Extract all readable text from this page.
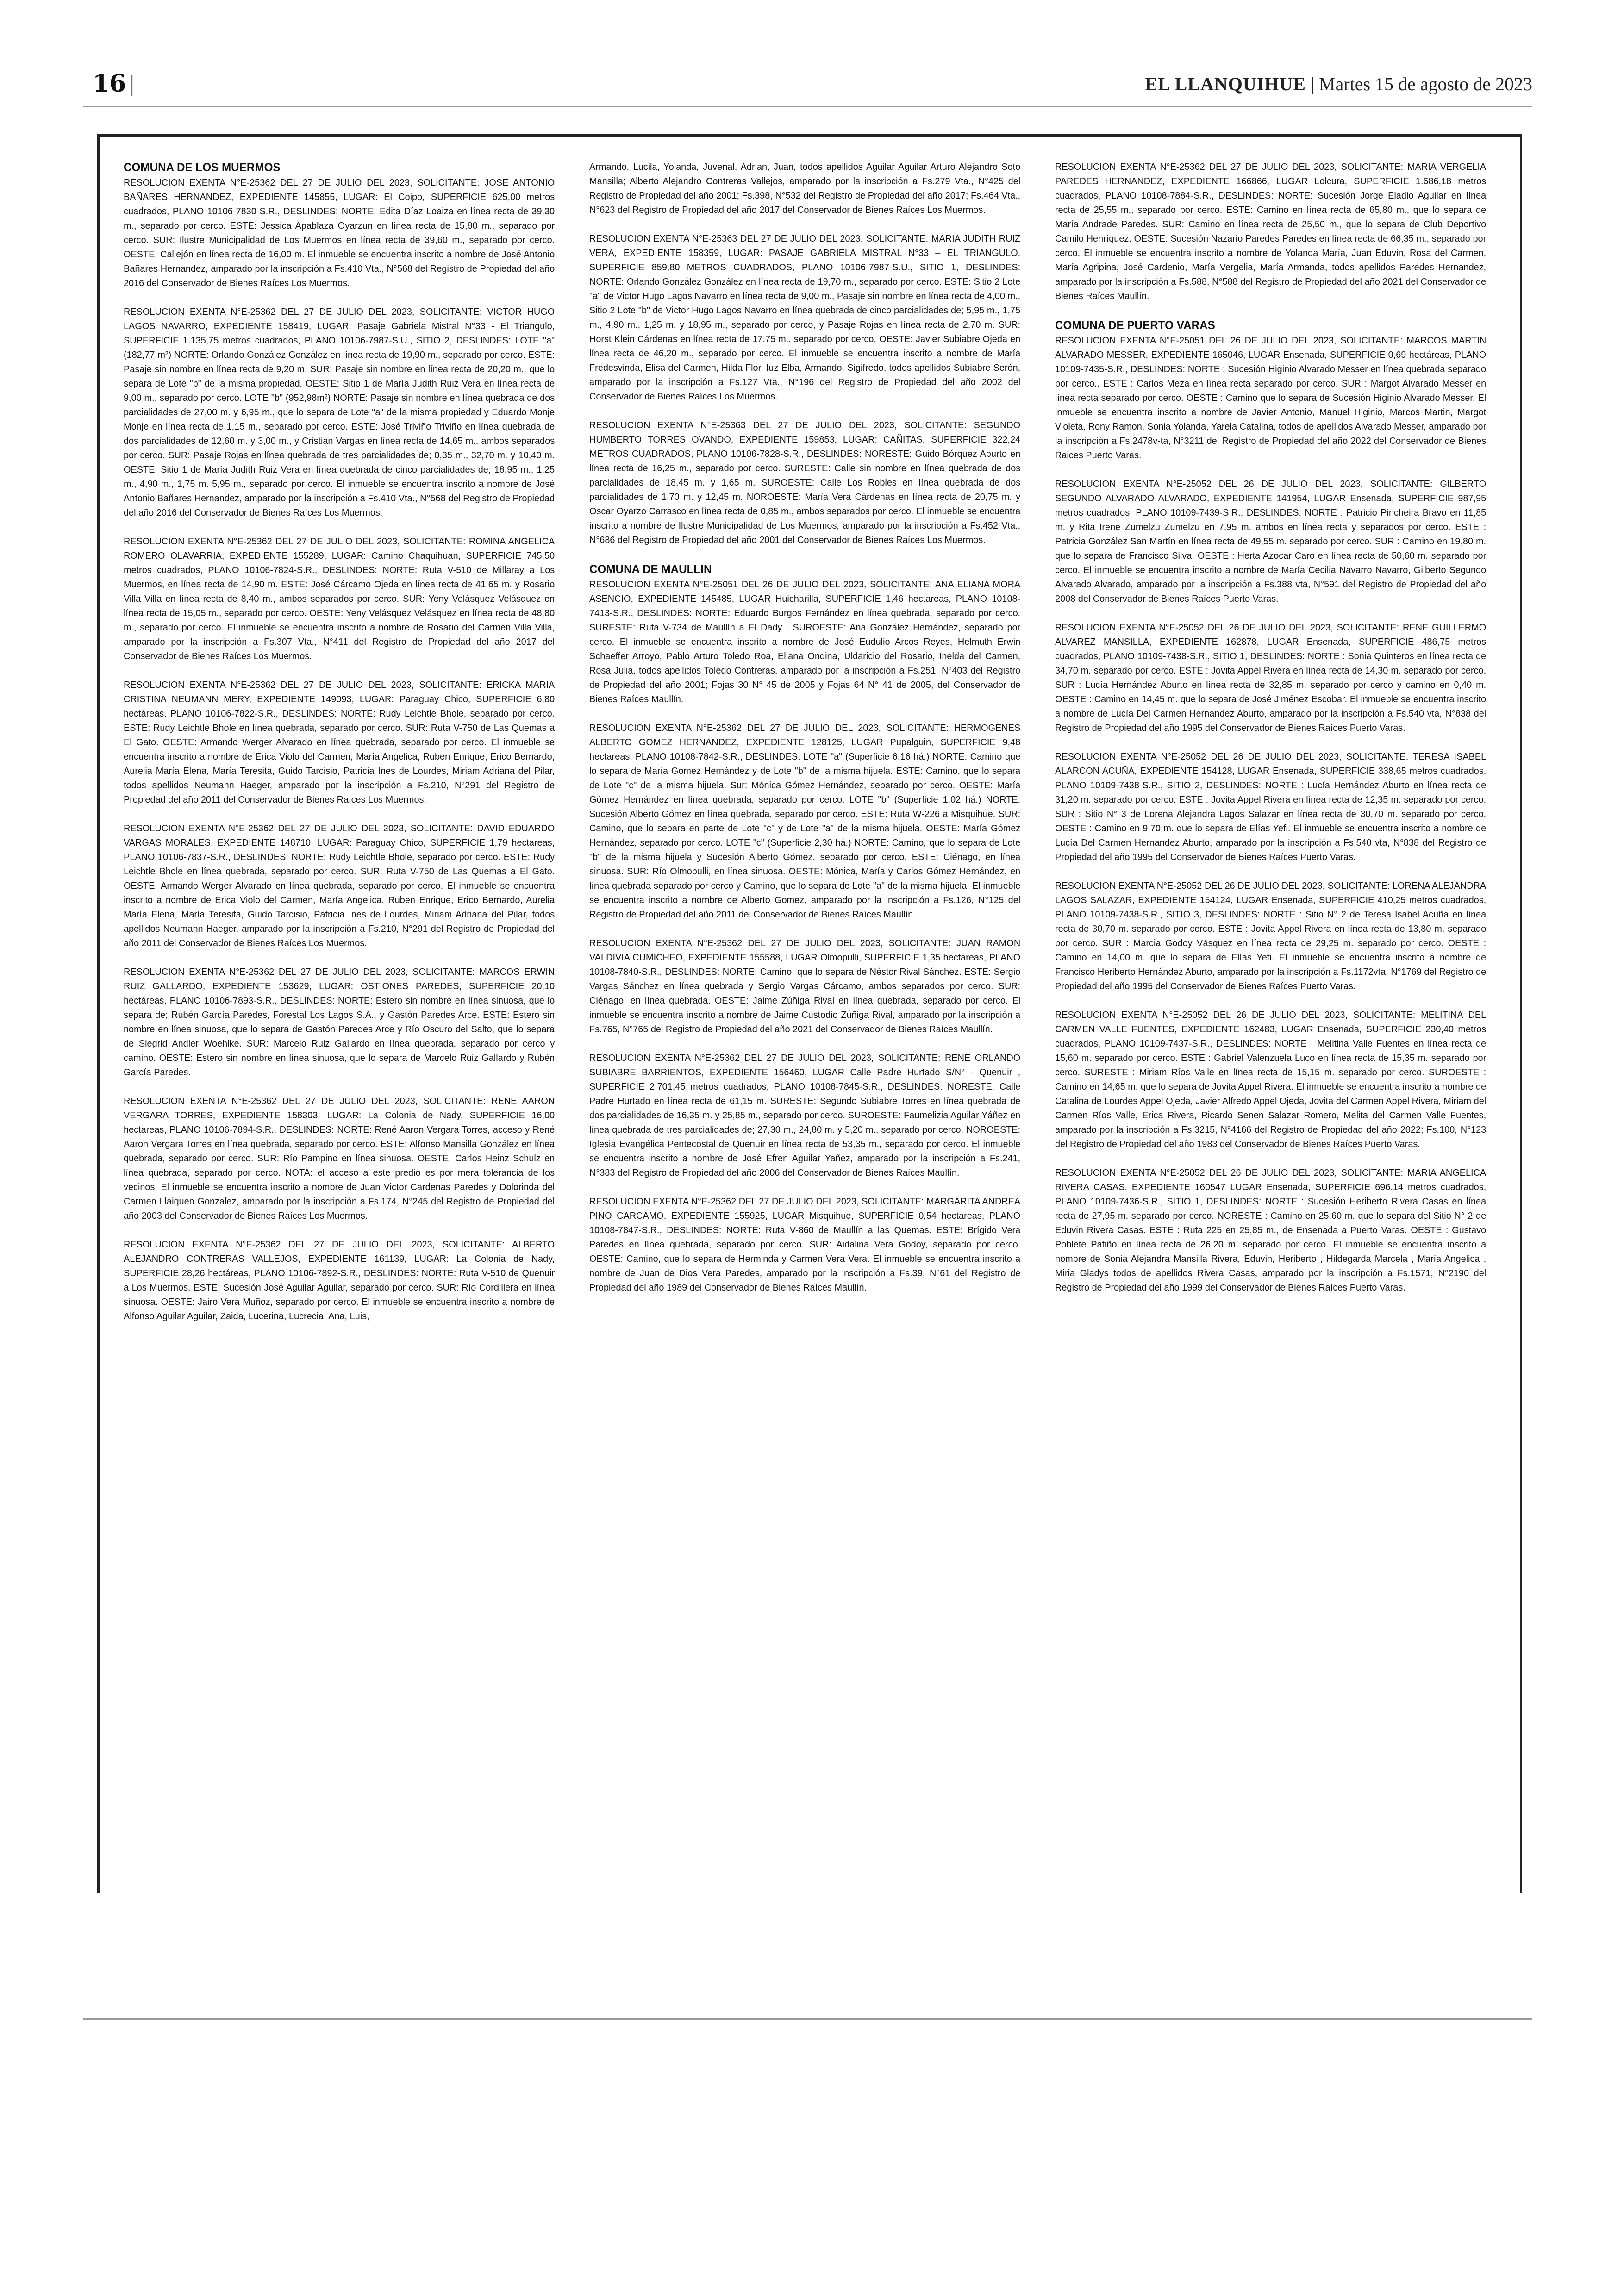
16 |	EL LLANQUIHUE | Martes 15 de agosto de 2023
COMUNA DE LOS MUERMOS

RESOLUCION EXENTA N°E-25362 DEL 27 DE JULIO DEL 2023, SOLICITANTE: JOSE ANTONIO BAÑARES HERNANDEZ, EXPEDIENTE 145855, LUGAR: El Coipo, SUPERFICIE 625,00 metros cuadrados, PLANO 10106-7830-S.R., DESLINDES: NORTE: Edita Díaz Loaiza en línea recta de 39,30 m., separado por cerco. ESTE: Jessica Apablaza Oyarzun en línea recta de 15,80 m., separado por cerco. SUR: Ilustre Municipalidad de Los Muermos en línea recta de 39,60 m., separado por cerco. OESTE: Callejón en línea recta de 16,00 m. El inmueble se encuentra inscrito a nombre de José Antonio Bañares Hernandez, amparado por la inscripción a Fs.410 Vta., N°568 del Registro de Propiedad del año 2016 del Conservador de Bienes Raíces Los Muermos.

RESOLUCION EXENTA N°E-25362 DEL 27 DE JULIO DEL 2023, SOLICITANTE: VICTOR HUGO LAGOS NAVARRO, EXPEDIENTE 158419, LUGAR: Pasaje Gabriela Mistral N°33 - El Triangulo, SUPERFICIE 1.135,75 metros cuadrados, PLANO 10106-7987-S.U., SITIO 2, DESLINDES: LOTE "a" (182,77 m²) NORTE: Orlando González González en línea recta de 19,90 m., separado por cerco. ESTE: Pasaje sin nombre en línea recta de 9,20 m. SUR: Pasaje sin nombre en línea recta de 20,20 m., que lo separa de Lote "b" de la misma propiedad. OESTE: Sitio 1 de María Judith Ruiz Vera en línea recta de 9,00 m., separado por cerco. LOTE "b" (952,98m²) NORTE: Pasaje sin nombre en línea quebrada de dos parcialidades de 27,00 m. y 6,95 m., que lo separa de Lote "a" de la misma propiedad y Eduardo Monje Monje en línea recta de 1,15 m., separado por cerco. ESTE: José Triviño Triviño en línea quebrada de dos parcialidades de 12,60 m. y 3,00 m., y Cristian Vargas en línea recta de 14,65 m., ambos separados por cerco. SUR: Pasaje Rojas en línea quebrada de tres parcialidades de; 0,35 m., 32,70 m. y 10,40 m. OESTE: Sitio 1 de María Judith Ruiz Vera en línea quebrada de cinco parcialidades de; 18,95 m., 1,25 m., 4,90 m., 1,75 m. 5,95 m., separado por cerco. El inmueble se encuentra inscrito a nombre de José Antonio Bañares Hernandez, amparado por la inscripción a Fs.410 Vta., N°568 del Registro de Propiedad del año 2016 del Conservador de Bienes Raíces Los Muermos.

RESOLUCION EXENTA N°E-25362 DEL 27 DE JULIO DEL 2023, SOLICITANTE: ROMINA ANGELICA ROMERO OLAVARRIA, EXPEDIENTE 155289, LUGAR: Camino Chaquihuan, SUPERFICIE 745,50 metros cuadrados, PLANO 10106-7824-S.R., DESLINDES: NORTE: Ruta V-510 de Millaray a Los Muermos, en línea recta de 14,90 m. ESTE: José Cárcamo Ojeda en línea recta de 41,65 m. y Rosario Villa Villa en línea recta de 8,40 m., ambos separados por cerco. SUR: Yeny Velásquez Velásquez en línea recta de 15,05 m., separado por cerco. OESTE: Yeny Velásquez Velásquez en línea recta de 48,80 m., separado por cerco. El inmueble se encuentra inscrito a nombre de Rosario del Carmen Villa Villa, amparado por la inscripción a Fs.307 Vta., N°411 del Registro de Propiedad del año 2017 del Conservador de Bienes Raíces Los Muermos.

RESOLUCION EXENTA N°E-25362 DEL 27 DE JULIO DEL 2023, SOLICITANTE: ERICKA MARIA CRISTINA NEUMANN MERY, EXPEDIENTE 149093, LUGAR: Paraguay Chico, SUPERFICIE 6,80 hectáreas, PLANO 10106-7822-S.R., DESLINDES: NORTE: Rudy Leichtle Bhole, separado por cerco. ESTE: Rudy Leichtle Bhole en línea quebrada, separado por cerco. SUR: Ruta V-750 de Las Quemas a El Gato. OESTE: Armando Werger Alvarado en línea quebrada, separado por cerco. El inmueble se encuentra inscrito a nombre de Erica Violo del Carmen, María Angelica, Ruben Enrique, Erico Bernardo, Aurelia María Elena, María Teresita, Guido Tarcisio, Patricia Ines de Lourdes, Miriam Adriana del Pilar, todos apellidos Neumann Haeger, amparado por la inscripción a Fs.210, N°291 del Registro de Propiedad del año 2011 del Conservador de Bienes Raíces Los Muermos.

RESOLUCION EXENTA N°E-25362 DEL 27 DE JULIO DEL 2023, SOLICITANTE: DAVID EDUARDO VARGAS MORALES, EXPEDIENTE 148710, LUGAR: Paraguay Chico, SUPERFICIE 1,79 hectareas, PLANO 10106-7837-S.R., DESLINDES: NORTE: Rudy Leichtle Bhole, separado por cerco. ESTE: Rudy Leichtle Bhole en línea quebrada, separado por cerco. SUR: Ruta V-750 de Las Quemas a El Gato. OESTE: Armando Werger Alvarado en línea quebrada, separado por cerco. El inmueble se encuentra inscrito a nombre de Erica Violo del Carmen, María Angelica, Ruben Enrique, Erico Bernardo, Aurelia María Elena, María Teresita, Guido Tarcisio, Patricia Ines de Lourdes, Miriam Adriana del Pilar, todos apellidos Neumann Haeger, amparado por la inscripción a Fs.210, N°291 del Registro de Propiedad del año 2011 del Conservador de Bienes Raíces Los Muermos.

RESOLUCION EXENTA N°E-25362 DEL 27 DE JULIO DEL 2023, SOLICITANTE: MARCOS ERWIN RUIZ GALLARDO, EXPEDIENTE 153629, LUGAR: OSTIONES PAREDES, SUPERFICIE 20,10 hectáreas, PLANO 10106-7893-S.R., DESLINDES: NORTE: Estero sin nombre en línea sinuosa, que lo separa de; Rubén García Paredes, Forestal Los Lagos S.A., y Gastón Paredes Arce. ESTE: Estero sin nombre en línea sinuosa, que lo separa de Gastón Paredes Arce y Río Oscuro del Salto, que lo separa de Siegrid Andler Woehlke. SUR: Marcelo Ruiz Gallardo en línea quebrada, separado por cerco y camino. OESTE: Estero sin nombre en línea sinuosa, que lo separa de Marcelo Ruiz Gallardo y Rubén García Paredes.

RESOLUCION EXENTA N°E-25362 DEL 27 DE JULIO DEL 2023, SOLICITANTE: RENE AARON VERGARA TORRES, EXPEDIENTE 158303, LUGAR: La Colonia de Nady, SUPERFICIE 16,00 hectareas, PLANO 10106-7894-S.R., DESLINDES: NORTE: René Aaron Vergara Torres, acceso y René Aaron Vergara Torres en línea quebrada, separado por cerco. ESTE: Alfonso Mansilla González en línea quebrada, separado por cerco. SUR: Río Pampino en línea sinuosa. OESTE: Carlos Heinz Schulz en línea quebrada, separado por cerco. NOTA: el acceso a este predio es por mera tolerancia de los vecinos. El inmueble se encuentra inscrito a nombre de Juan Victor Cardenas Paredes y Dolorinda del Carmen Llaiquen Gonzalez, amparado por la inscripción a Fs.174, N°245 del Registro de Propiedad del año 2003 del Conservador de Bienes Raíces Los Muermos.

RESOLUCION EXENTA N°E-25362 DEL 27 DE JULIO DEL 2023, SOLICITANTE: ALBERTO ALEJANDRO CONTRERAS VALLEJOS, EXPEDIENTE 161139, LUGAR: La Colonia de Nady, SUPERFICIE 28,26 hectáreas, PLANO 10106-7892-S.R., DESLINDES: NORTE: Ruta V-510 de Quenuir a Los Muermos. ESTE: Sucesión José Aguilar Aguilar, separado por cerco. SUR: Río Cordillera en línea sinuosa. OESTE: Jairo Vera Muñoz, separado por cerco. El inmueble se encuentra inscrito a nombre de Alfonso Aguilar Aguilar, Zaida, Lucerina, Lucrecia, Ana, Luis,

Armando, Lucila, Yolanda, Juvenal, Adrian, Juan, todos apellidos Aguilar Aguilar Arturo Alejandro Soto Mansilla; Alberto Alejandro Contreras Vallejos, amparado por la inscripción a Fs.279 Vta., N°425 del Registro de Propiedad del año 2001; Fs.398, N°532 del Registro de Propiedad del año 2017; Fs.464 Vta., N°623 del Registro de Propiedad del año 2017 del Conservador de Bienes Raíces Los Muermos.

RESOLUCION EXENTA N°E-25363 DEL 27 DE JULIO DEL 2023, SOLICITANTE: MARIA JUDITH RUIZ VERA, EXPEDIENTE 158359, LUGAR: PASAJE GABRIELA MISTRAL N°33 – EL TRIANGULO, SUPERFICIE 859,80 METROS CUADRADOS, PLANO 10106-7987-S.U., SITIO 1, DESLINDES: NORTE: Orlando González González en línea recta de 19,70 m., separado por cerco. ESTE: Sitio 2 Lote "a" de Victor Hugo Lagos Navarro en línea recta de 9,00 m., Pasaje sin nombre en línea recta de 4,00 m., Sitio 2 Lote "b" de Victor Hugo Lagos Navarro en línea quebrada de cinco parcialidades de; 5,95 m., 1,75 m., 4,90 m., 1,25 m. y 18,95 m., separado por cerco, y Pasaje Rojas en línea recta de 2,70 m. SUR: Horst Klein Cárdenas en línea recta de 17,75 m., separado por cerco. OESTE: Javier Subiabre Ojeda en línea recta de 46,20 m., separado por cerco. El inmueble se encuentra inscrito a nombre de María Fredesvinda, Elisa del Carmen, Hilda Flor, Iuz Elba, Armando, Sigifredo, todos apellidos Subiabre Serón, amparado por la inscripción a Fs.127 Vta., N°196 del Registro de Propiedad del año 2002 del Conservador de Bienes Raíces Los Muermos.

RESOLUCION EXENTA N°E-25363 DEL 27 DE JULIO DEL 2023, SOLICITANTE: SEGUNDO HUMBERTO TORRES OVANDO, EXPEDIENTE 159853, LUGAR: CAÑITAS, SUPERFICIE 322,24 METROS CUADRADOS, PLANO 10106-7828-S.R., DESLINDES: NORESTE: Guido Bórquez Aburto en línea recta de 16,25 m., separado por cerco. SURESTE: Calle sin nombre en línea quebrada de dos parcialidades de 18,45 m. y 1,65 m. SUROESTE: Calle Los Robles en línea quebrada de dos parcialidades de 1,70 m. y 12,45 m. NOROESTE: María Vera Cárdenas en línea recta de 20,75 m. y Oscar Oyarzo Carrasco en línea recta de 0,85 m., ambos separados por cerco. El inmueble se encuentra inscrito a nombre de Ilustre Municipalidad de Los Muermos, amparado por la inscripción a Fs.452 Vta., N°686 del Registro de Propiedad del año 2001 del Conservador de Bienes Raíces Los Muermos.

COMUNA DE MAULLIN

RESOLUCION EXENTA N°E-25051 DEL 26 DE JULIO DEL 2023, SOLICITANTE: ANA ELIANA MORA ASENCIO, EXPEDIENTE 145485, LUGAR Huicharilla, SUPERFICIE 1,46 hectareas, PLANO 10108-7413-S.R., DESLINDES: NORTE: Eduardo Burgos Fernández en línea quebrada, separado por cerco. SURESTE: Ruta V-734 de Maullín a El Dady . SUROESTE: Ana González Hernández, separado por cerco. El inmueble se encuentra inscrito a nombre de José Eudulio Arcos Reyes, Helmuth Erwin Schaeffer Arroyo, Pablo Arturo Toledo Roa, Eliana Ondina, Uldaricio del Rosario, Inelda del Carmen, Rosa Julia, todos apellidos Toledo Contreras, amparado por la inscripción a Fs.251, N°403 del Registro de Propiedad del año 2001; Fojas 30 N° 45 de 2005 y Fojas 64 N° 41 de 2005, del Conservador de Bienes Raíces Maullín.

RESOLUCION EXENTA N°E-25362 DEL 27 DE JULIO DEL 2023, SOLICITANTE: HERMOGENES ALBERTO GOMEZ HERNANDEZ, EXPEDIENTE 128125, LUGAR Pupalguin, SUPERFICIE 9,48 hectareas, PLANO 10108-7842-S.R., DESLINDES: LOTE "a" (Superficie 6,16 há.) NORTE: Camino que lo separa de María Gómez Hernández y de Lote "b" de la misma hijuela. ESTE: Camino, que lo separa de Lote "c" de la misma hijuela. Sur: Mónica Gómez Hernández, separado por cerco. OESTE: María Gómez Hernández en línea quebrada, separado por cerco. LOTE "b" (Superficie 1,02 há.) NORTE: Sucesión Alberto Gómez en línea quebrada, separado por cerco. ESTE: Ruta W-226 a Misquihue. SUR: Camino, que lo separa en parte de Lote "c" y de Lote "a" de la misma hijuela. OESTE: María Gómez Hernández, separado por cerco. LOTE "c" (Superficie 2,30 há.) NORTE: Camino, que lo separa de Lote "b" de la misma hijuela y Sucesión Alberto Gómez, separado por cerco. ESTE: Ciénago, en línea sinuosa. SUR: Río Olmopulli, en línea sinuosa. OESTE: Mónica, María y Carlos Gómez Hernández, en línea quebrada separado por cerco y Camino, que lo separa de Lote "a" de la misma hijuela. El inmueble se encuentra inscrito a nombre de Alberto Gomez, amparado por la inscripción a Fs.126, N°125 del Registro de Propiedad del año 2011 del Conservador de Bienes Raíces Maullín

RESOLUCION EXENTA N°E-25362 DEL 27 DE JULIO DEL 2023, SOLICITANTE: JUAN RAMON VALDIVIA CUMICHEO, EXPEDIENTE 155588, LUGAR Olmopulli, SUPERFICIE 1,35 hectareas, PLANO 10108-7840-S.R., DESLINDES: NORTE: Camino, que lo separa de Néstor Rival Sánchez. ESTE: Sergio Vargas Sánchez en línea quebrada y Sergio Vargas Cárcamo, ambos separados por cerco. SUR: Ciénago, en línea quebrada. OESTE: Jaime Zúñiga Rival en línea quebrada, separado por cerco. El inmueble se encuentra inscrito a nombre de Jaime Custodio Zúñiga Rival, amparado por la inscripción a Fs.765, N°765 del Registro de Propiedad del año 2021 del Conservador de Bienes Raíces Maullín.

RESOLUCION EXENTA N°E-25362 DEL 27 DE JULIO DEL 2023, SOLICITANTE: RENE ORLANDO SUBIABRE BARRIENTOS, EXPEDIENTE 156460, LUGAR Calle Padre Hurtado S/N° - Quenuir , SUPERFICIE 2.701,45 metros cuadrados, PLANO 10108-7845-S.R., DESLINDES: NORESTE: Calle Padre Hurtado en línea recta de 61,15 m. SURESTE: Segundo Subiabre Torres en línea quebrada de dos parcialidades de 16,35 m. y 25,85 m., separado por cerco. SUROESTE: Faumelizia Aguilar Yáñez en línea quebrada de tres parcialidades de; 27,30 m., 24,80 m. y 5,20 m., separado por cerco. NOROESTE: Iglesia Evangélica Pentecostal de Quenuir en línea recta de 53,35 m., separado por cerco. El inmueble se encuentra inscrito a nombre de José Efren Aguilar Yañez, amparado por la inscripción a Fs.241, N°383 del Registro de Propiedad del año 2006 del Conservador de Bienes Raíces Maullín.

RESOLUCION EXENTA N°E-25362 DEL 27 DE JULIO DEL 2023, SOLICITANTE: MARGARITA ANDREA PINO CARCAMO, EXPEDIENTE 155925, LUGAR Misquihue, SUPERFICIE 0,54 hectareas, PLANO 10108-7847-S.R., DESLINDES: NORTE: Ruta V-860 de Maullín a las Quemas. ESTE: Brígido Vera Paredes en línea quebrada, separado por cerco. SUR: Aidalina Vera Godoy, separado por cerco. OESTE: Camino, que lo separa de Herminda y Carmen Vera Vera. El inmueble se encuentra inscrito a nombre de Juan de Dios Vera Paredes, amparado por la inscripción a Fs.39, N°61 del Registro de Propiedad del año 1989 del Conservador de Bienes Raíces Maullín.

RESOLUCION EXENTA N°E-25362 DEL 27 DE JULIO DEL 2023, SOLICITANTE: MARIA VERGELIA PAREDES HERNANDEZ, EXPEDIENTE 166866, LUGAR Lolcura, SUPERFICIE 1.686,18 metros cuadrados, PLANO 10108-7884-S.R., DESLINDES: NORTE: Sucesión Jorge Eladio Aguilar en línea recta de 25,55 m., separado por cerco. ESTE: Camino en línea recta de 65,80 m., que lo separa de María Andrade Paredes. SUR: Camino en línea recta de 25,50 m., que lo separa de Club Deportivo Camilo Henríquez. OESTE: Sucesión Nazario Paredes Paredes en línea recta de 66,35 m., separado por cerco. El inmueble se encuentra inscrito a nombre de Yolanda María, Juan Eduvin, Rosa del Carmen, María Agripina, José Cardenio, María Vergelia, María Armanda, todos apellidos Paredes Hernandez, amparado por la inscripción a Fs.588, N°588 del Registro de Propiedad del año 2021 del Conservador de Bienes Raíces Maullín.

COMUNA DE PUERTO VARAS

RESOLUCION EXENTA N°E-25051 DEL 26 DE JULIO DEL 2023, SOLICITANTE: MARCOS MARTIN ALVARADO MESSER, EXPEDIENTE 165046, LUGAR Ensenada, SUPERFICIE 0,69 hectáreas, PLANO 10109-7435-S.R., DESLINDES: NORTE : Sucesión Higinio Alvarado Messer en línea quebrada separado por cerco.. ESTE : Carlos Meza en línea recta separado por cerco. SUR : Margot Alvarado Messer en línea recta separado por cerco. OESTE : Camino que lo separa de Sucesión Higinio Alvarado Messer. El inmueble se encuentra inscrito a nombre de Javier Antonio, Manuel Higinio, Marcos Martin, Margot Violeta, Rony Ramon, Sonia Yolanda, Yarela Catalina, todos de apellidos Alvarado Messer, amparado por la inscripción a Fs.2478v-ta, N°3211 del Registro de Propiedad del año 2022 del Conservador de Bienes Raices Puerto Varas.

RESOLUCION EXENTA N°E-25052 DEL 26 DE JULIO DEL 2023, SOLICITANTE: GILBERTO SEGUNDO ALVARADO ALVARADO, EXPEDIENTE 141954, LUGAR Ensenada, SUPERFICIE 987,95 metros cuadrados, PLANO 10109-7439-S.R., DESLINDES: NORTE : Patricio Pincheira Bravo en 11,85 m. y Rita Irene Zumelzu Zumelzu en 7,95 m. ambos en línea recta y separados por cerco. ESTE : Patricia González San Martín en línea recta de 49,55 m. separado por cerco. SUR : Camino en 19,80 m. que lo separa de Francisco Silva. OESTE : Herta Azocar Caro en línea recta de 50,60 m. separado por cerco. El inmueble se encuentra inscrito a nombre de María Cecilia Navarro Navarro, Gilberto Segundo Alvarado Alvarado, amparado por la inscripción a Fs.388 vta, N°591 del Registro de Propiedad del año 2008 del Conservador de Bienes Raíces Puerto Varas.

RESOLUCION EXENTA N°E-25052 DEL 26 DE JULIO DEL 2023, SOLICITANTE: RENE GUILLERMO ALVAREZ MANSILLA, EXPEDIENTE 162878, LUGAR Ensenada, SUPERFICIE 486,75 metros cuadrados, PLANO 10109-7438-S.R., SITIO 1, DESLINDES: NORTE : Sonia Quinteros en línea recta de 34,70 m. separado por cerco. ESTE : Jovita Appel Rivera en línea recta de 14,30 m. separado por cerco. SUR : Lucía Hernández Aburto en línea recta de 32,85 m. separado por cerco y camino en 0,40 m. OESTE : Camino en 14,45 m. que lo separa de José Jiménez Escobar. El inmueble se encuentra inscrito a nombre de Lucía Del Carmen Hernandez Aburto, amparado por la inscripción a Fs.540 vta, N°838 del Registro de Propiedad del año 1995 del Conservador de Bienes Raíces Puerto Varas.

RESOLUCION EXENTA N°E-25052 DEL 26 DE JULIO DEL 2023, SOLICITANTE: TERESA ISABEL ALARCON ACUÑA, EXPEDIENTE 154128, LUGAR Ensenada, SUPERFICIE 338,65 metros cuadrados, PLANO 10109-7438-S.R., SITIO 2, DESLINDES: NORTE : Lucía Hernández Aburto en línea recta de 31,20 m. separado por cerco. ESTE : Jovita Appel Rivera en línea recta de 12,35 m. separado por cerco. SUR : Sitio N° 3 de Lorena Alejandra Lagos Salazar en línea recta de 30,70 m. separado por cerco. OESTE : Camino en 9,70 m. que lo separa de Elías Yefi. El inmueble se encuentra inscrito a nombre de Lucía Del Carmen Hernandez Aburto, amparado por la inscripción a Fs.540 vta, N°838 del Registro de Propiedad del año 1995 del Conservador de Bienes Raíces Puerto Varas.

RESOLUCION EXENTA N°E-25052 DEL 26 DE JULIO DEL 2023, SOLICITANTE: LORENA ALEJANDRA LAGOS SALAZAR, EXPEDIENTE 154124, LUGAR Ensenada, SUPERFICIE 410,25 metros cuadrados, PLANO 10109-7438-S.R., SITIO 3, DESLINDES: NORTE : Sitio N° 2 de Teresa Isabel Acuña en línea recta de 30,70 m. separado por cerco. ESTE : Jovita Appel Rivera en línea recta de 13,80 m. separado por cerco. SUR : Marcia Godoy Vásquez en línea recta de 29,25 m. separado por cerco. OESTE : Camino en 14,00 m. que lo separa de Elías Yefi. El inmueble se encuentra inscrito a nombre de Francisco Heriberto Hernández Aburto, amparado por la inscripción a Fs.1172vta, N°1769 del Registro de Propiedad del año 1995 del Conservador de Bienes Raíces Puerto Varas.

RESOLUCION EXENTA N°E-25052 DEL 26 DE JULIO DEL 2023, SOLICITANTE: MELITINA DEL CARMEN VALLE FUENTES, EXPEDIENTE 162483, LUGAR Ensenada, SUPERFICIE 230,40 metros cuadrados, PLANO 10109-7437-S.R., DESLINDES: NORTE : Melitina Valle Fuentes en línea recta de 15,60 m. separado por cerco. ESTE : Gabriel Valenzuela Luco en línea recta de 15,35 m. separado por cerco. SURESTE : Miriam Ríos Valle en línea recta de 15,15 m. separado por cerco. SUROESTE : Camino en 14,65 m. que lo separa de Jovita Appel Rivera. El inmueble se encuentra inscrito a nombre de Catalina de Lourdes Appel Ojeda, Javier Alfredo Appel Ojeda, Jovita del Carmen Appel Rivera, Miriam del Carmen Ríos Valle, Erica Rivera, Ricardo Senen Salazar Romero, Melita del Carmen Valle Fuentes, amparado por la inscripción a Fs.3215, N°4166 del Registro de Propiedad del año 2022; Fs.100, N°123 del Registro de Propiedad del año 1983 del Conservador de Bienes Raíces Puerto Varas.

RESOLUCION EXENTA N°E-25052 DEL 26 DE JULIO DEL 2023, SOLICITANTE: MARIA ANGELICA RIVERA CASAS, EXPEDIENTE 160547 LUGAR Ensenada, SUPERFICIE 696,14 metros cuadrados, PLANO 10109-7436-S.R., SITIO 1, DESLINDES: NORTE : Sucesión Heriberto Rivera Casas en línea recta de 27,95 m. separado por cerco. NORESTE : Camino en 25,60 m. que lo separa del Sitio N° 2 de Eduvin Rivera Casas. ESTE : Ruta 225 en 25,85 m., de Ensenada a Puerto Varas. OESTE : Gustavo Poblete Patiño en línea recta de 26,20 m. separado por cerco. El inmueble se encuentra inscrito a nombre de Sonia Alejandra Mansilla Rivera, Eduvin, Heriberto , Hildegarda Marcela , María Angelica , Miria Gladys todos de apellidos Rivera Casas, amparado por la inscripción a Fs.1571, N°2190 del Registro de Propiedad del año 1999 del Conservador de Bienes Raíces Puerto Varas.
